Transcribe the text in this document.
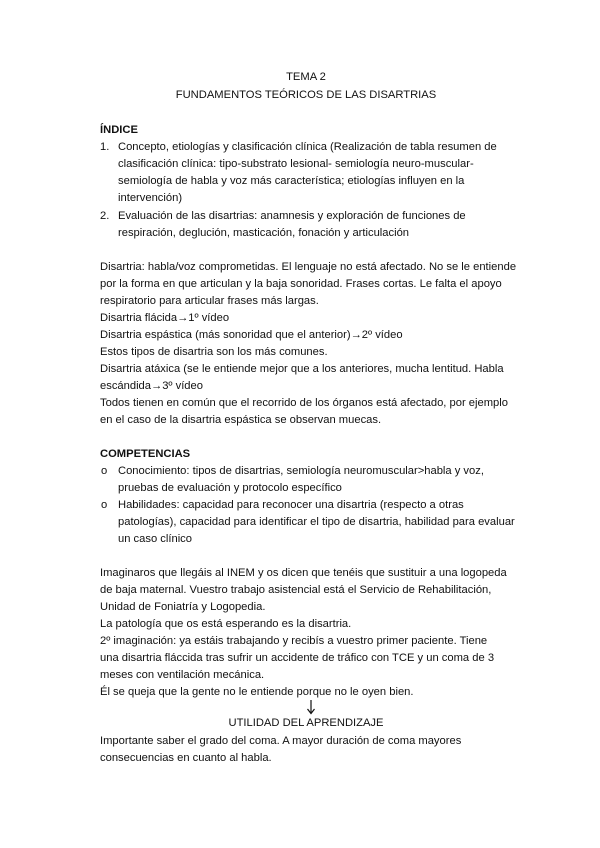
TEMA 2
FUNDAMENTOS TEÓRICOS DE LAS DISARTRIAS
ÍNDICE
1. Concepto, etiologías y clasificación clínica (Realización de tabla resumen de
clasificación clínica: tipo-substrato lesional- semiología neuro-muscular-
semiología de habla y voz más característica; etiologías influyen en la
intervención)
2. Evaluación de las disartrias: anamnesis y exploración de funciones de
respiración, deglución, masticación, fonación y articulación
Disartria: habla/voz comprometidas. El lenguaje no está afectado. No se le entiende
por la forma en que articulan y la baja sonoridad. Frases cortas. Le falta el apoyo
respiratorio para articular frases más largas.
Disartria flácida→1º vídeo
Disartria espástica (más sonoridad que el anterior)→2º vídeo
Estos tipos de disartria son los más comunes.
Disartria atáxica (se le entiende mejor que a los anteriores, mucha lentitud. Habla
escándida→3º vídeo
Todos tienen en común que el recorrido de los órganos está afectado, por ejemplo
en el caso de la disartria espástica se observan muecas.
COMPETENCIAS
o Conocimiento: tipos de disartrias, semiología neuromuscular>habla y voz,
pruebas de evaluación y protocolo específico
o Habilidades: capacidad para reconocer una disartria (respecto a otras
patologías), capacidad para identificar el tipo de disartria, habilidad para evaluar
un caso clínico
Imaginaros que llegáis al INEM y os dicen que tenéis que sustituir a una logopeda
de baja maternal. Vuestro trabajo asistencial está el Servicio de Rehabilitación,
Unidad de Foniatría y Logopedia.
La patología que os está esperando es la disartria.
2º imaginación: ya estáis trabajando y recibís a vuestro primer paciente. Tiene
una disartria fláccida tras sufrir un accidente de tráfico con TCE y un coma de 3
meses con ventilación mecánica.
Él se queja que la gente no le entiende porque no le oyen bien.
UTILIDAD DEL APRENDIZAJE
Importante saber el grado del coma. A mayor duración de coma mayores
consecuencias en cuanto al habla.
